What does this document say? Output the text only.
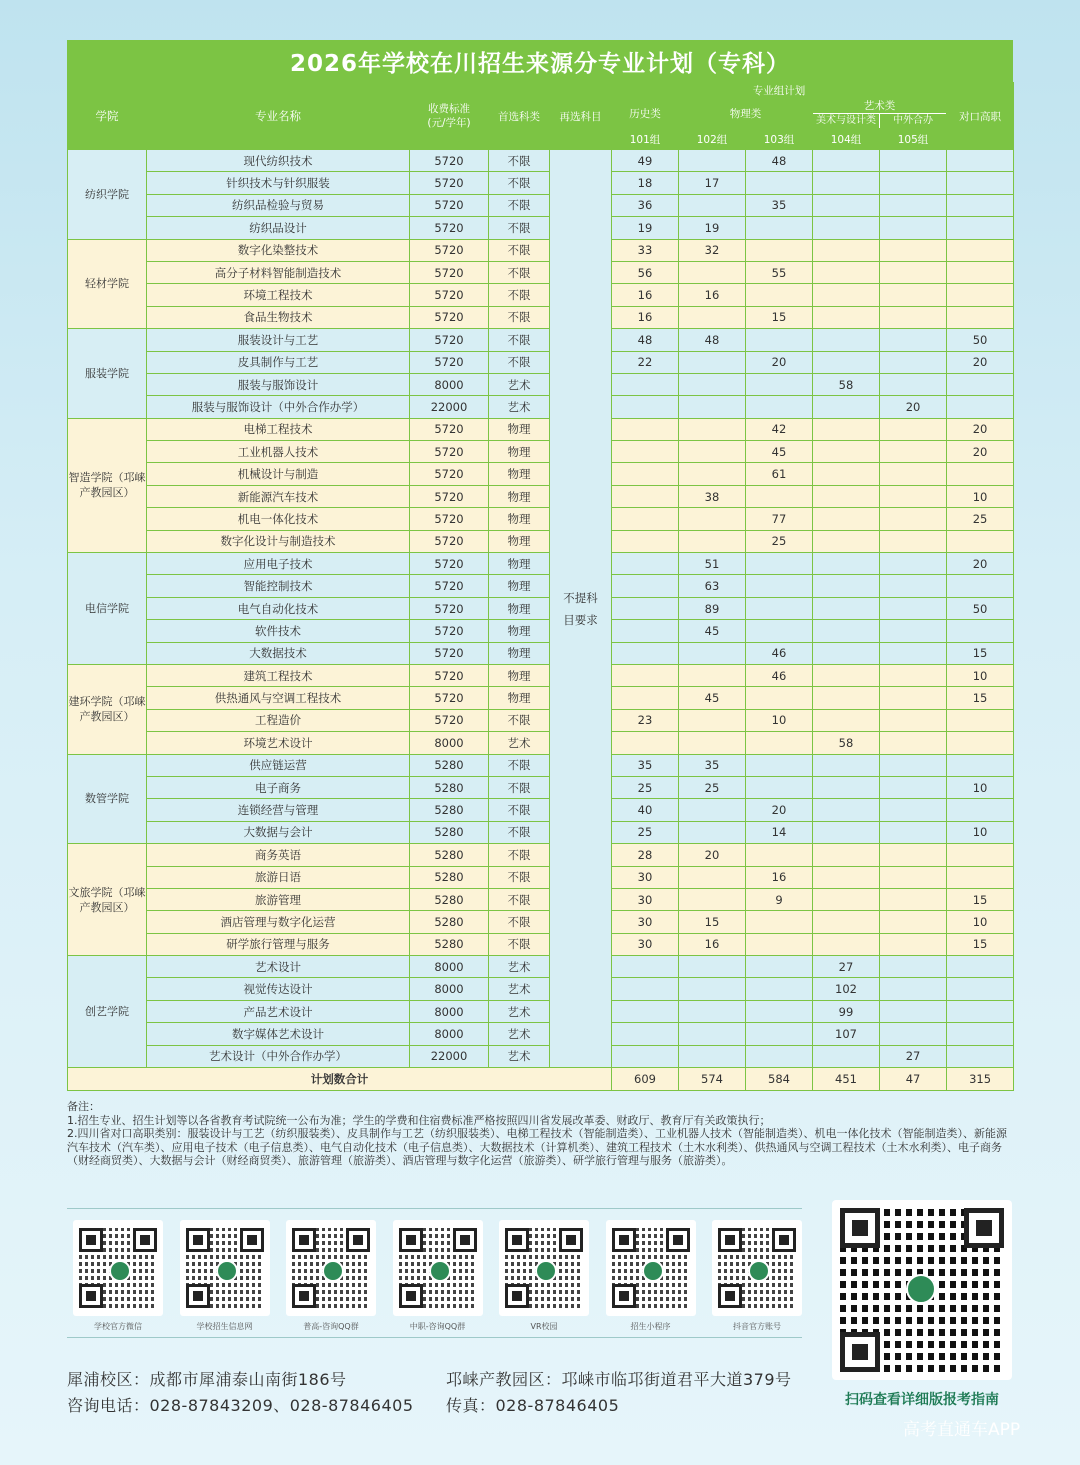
2026年学校在川招生来源分专业计划（专科）
学院	专业名称	收费标准
(元/学年)	首选科类	再选科目	专业组计划					对口高职
					历史类	物理类		艺术类
美术与设计类 中外合办		

					101组	102组	103组	104组	105组	
纺织学院	现代纺织技术	5720	不限	不提科目要求	49		48			
	针织技术与针织服装	5720	不限		18	17				
	纺织品检验与贸易	5720	不限		36		35			
	纺织品设计	5720	不限		19	19				
轻材学院	数字化染整技术	5720	不限		33	32				
	高分子材料智能制造技术	5720	不限		56		55			
	环境工程技术	5720	不限		16	16				
	食品生物技术	5720	不限		16		15			
服装学院	服装设计与工艺	5720	不限		48	48				50
	皮具制作与工艺	5720	不限		22		20			20
	服装与服饰设计	8000	艺术					58		
	服装与服饰设计（中外合作办学）	22000	艺术						20	
智造学院（邛崃产教园区）	电梯工程技术	5720	物理				42			20
	工业机器人技术	5720	物理				45			20
	机械设计与制造	5720	物理				61			
	新能源汽车技术	5720	物理			38				10
	机电一体化技术	5720	物理				77			25
	数字化设计与制造技术	5720	物理				25			
电信学院	应用电子技术	5720	物理			51				20
	智能控制技术	5720	物理			63				
	电气自动化技术	5720	物理			89				50
	软件技术	5720	物理			45				
	大数据技术	5720	物理				46			15
建环学院（邛崃产教园区）	建筑工程技术	5720	物理				46			10
	供热通风与空调工程技术	5720	物理			45				15
	工程造价	5720	不限		23		10			
	环境艺术设计	8000	艺术					58		
数管学院	供应链运营	5280	不限		35	35				
	电子商务	5280	不限		25	25				10
	连锁经营与管理	5280	不限		40		20			
	大数据与会计	5280	不限		25		14			10
文旅学院（邛崃产教园区）	商务英语	5280	不限		28	20				
	旅游日语	5280	不限		30		16			
	旅游管理	5280	不限		30		9			15
	酒店管理与数字化运营	5280	不限		30	15				10
	研学旅行管理与服务	5280	不限		30	16				15
创艺学院	艺术设计	8000	艺术					27		
	视觉传达设计	8000	艺术					102		
	产品艺术设计	8000	艺术					99		
	数字媒体艺术设计	8000	艺术					107		
	艺术设计（中外合作办学）	22000	艺术						27	
计划数合计					609	574	584	451	47	315
备注：
1.招生专业、招生计划等以各省教育考试院统一公布为准；学生的学费和住宿费标准严格按照四川省发展改革委、财政厅、教育厅有关政策执行；
2.四川省对口高职类别：服装设计与工艺（纺织服装类）、皮具制作与工艺（纺织服装类）、电梯工程技术（智能制造类）、工业机器人技术（智能制造类）、机电一体化技术（智能制造类）、新能源汽车技术（汽车类）、应用电子技术（电子信息类）、电气自动化技术（电子信息类）、大数据技术（计算机类）、建筑工程技术（土木水利类）、供热通风与空调工程技术（土木水利类）、电子商务（财经商贸类）、大数据与会计（财经商贸类）、旅游管理（旅游类）、酒店管理与数字化运营（旅游类）、研学旅行管理与服务（旅游类）。
学校官方微信	学校招生信息网	普高-咨询QQ群	中职-咨询QQ群	VR校园	招生小程序	抖音官方账号
扫码查看详细版报考指南
犀浦校区：成都市犀浦泰山南街186号
咨询电话：028-87843209、028-87846405
邛崃产教园区：邛崃市临邛街道君平大道379号
传真：028-87846405
高考直通车APP
